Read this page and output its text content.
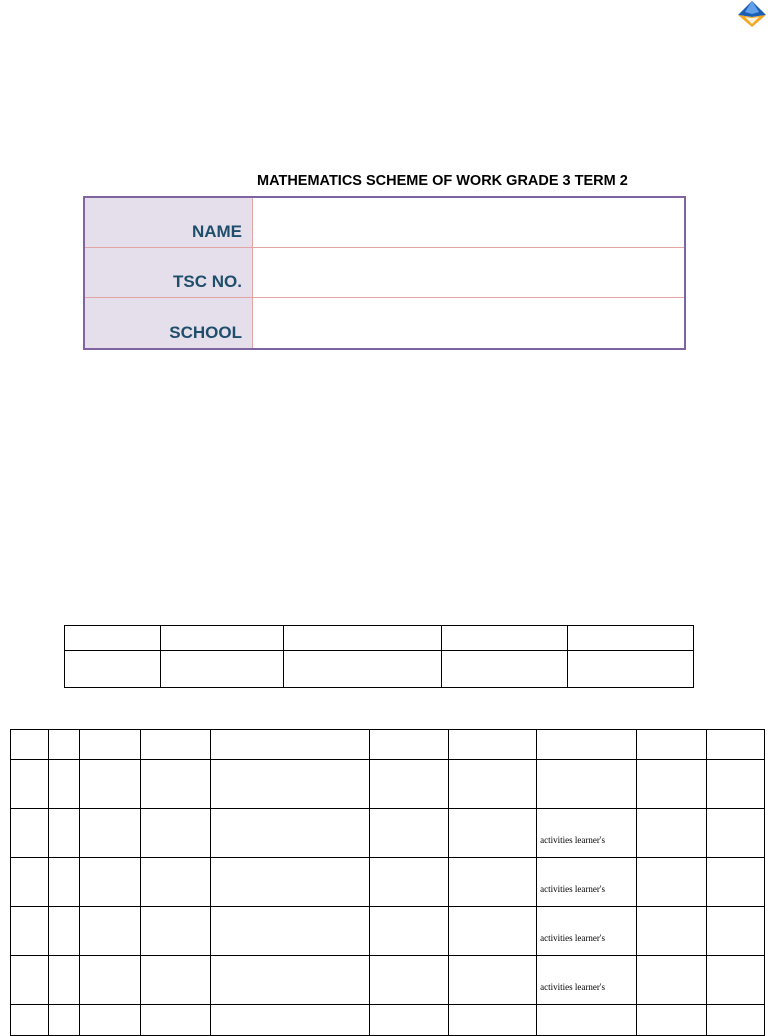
MATHEMATICS SCHEME OF WORK GRADE 3 TERM 2
NAME
TSC NO.
SCHOOL

							activities learner's		

							activities learner's		

							activities learner's		

							activities learner's		
